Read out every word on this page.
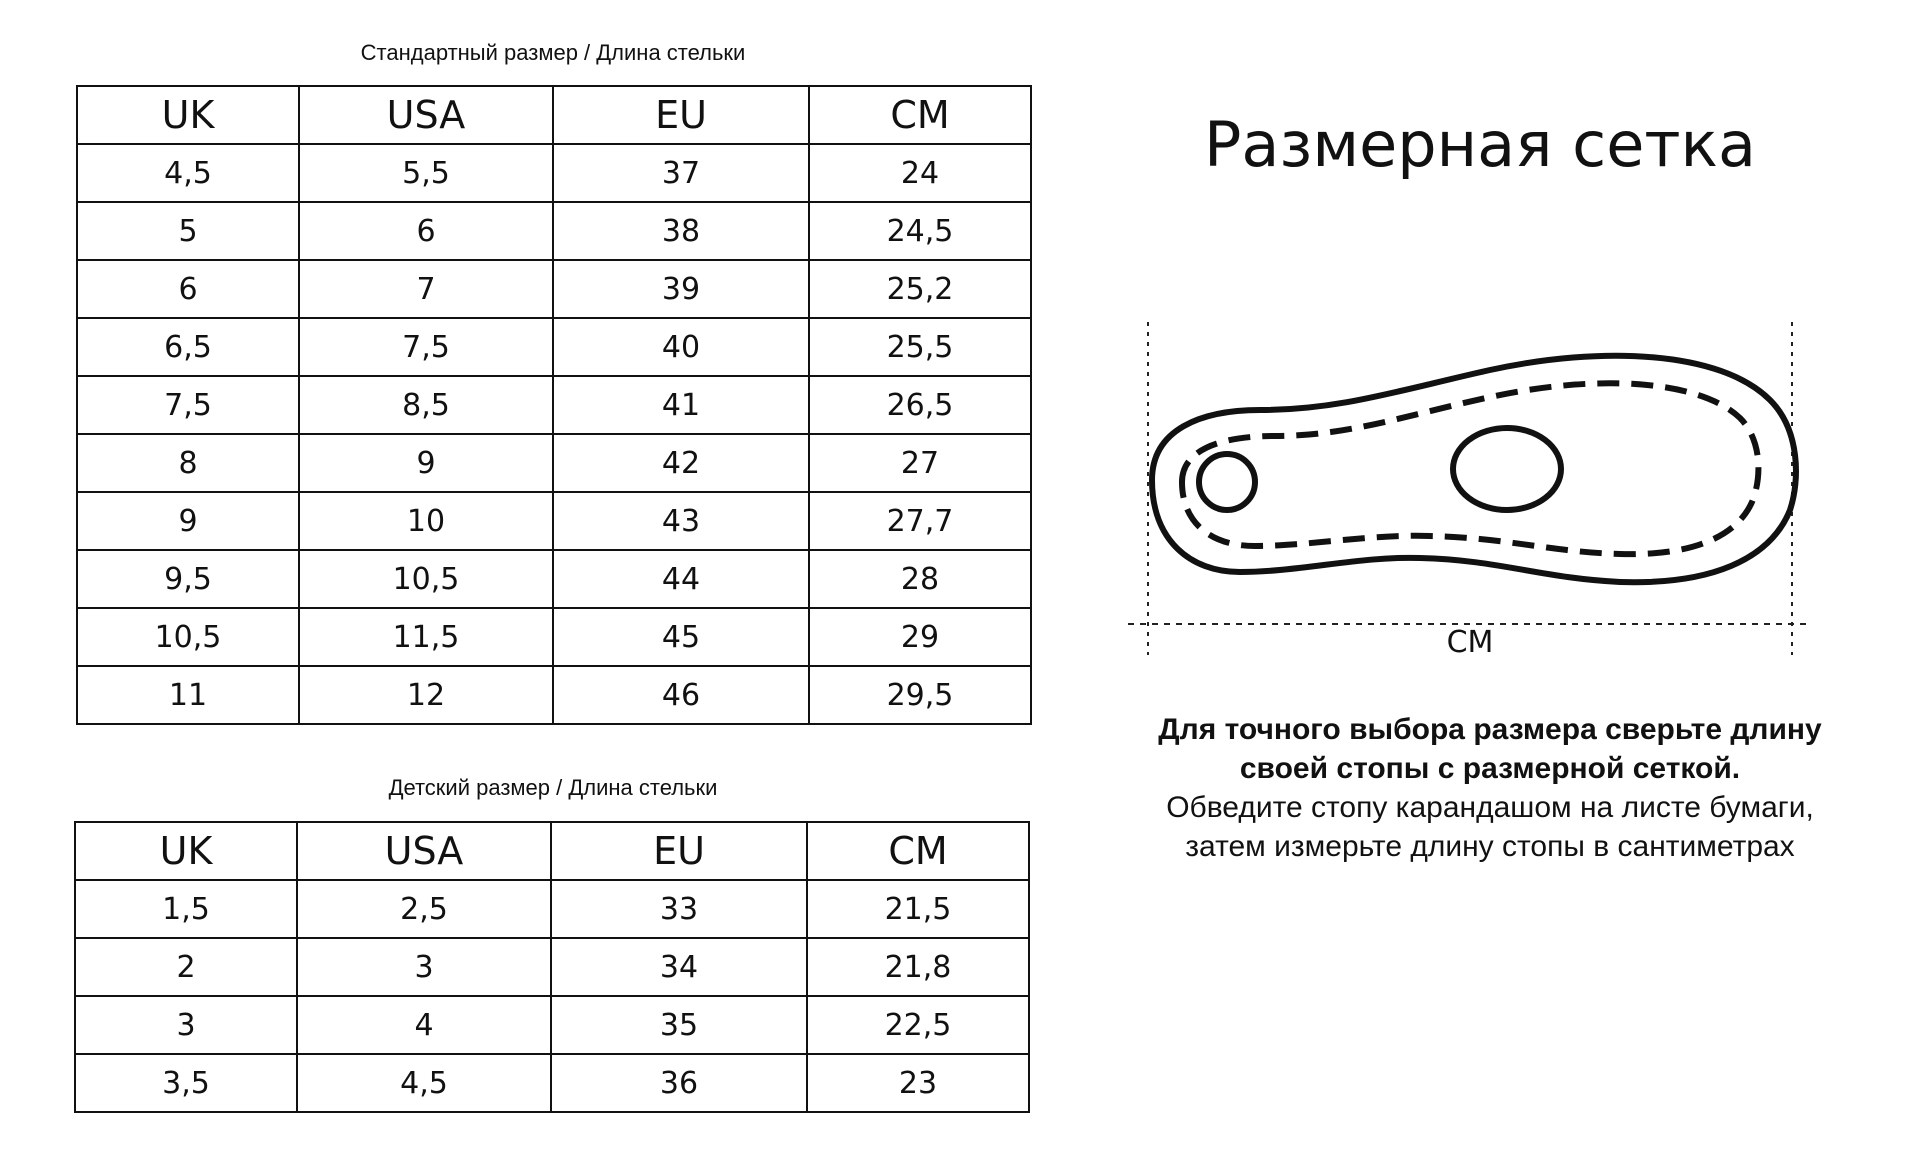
Стандартный размер / Длина стельки
UK	USA	EU	CM
4,5	5,5	37	24
5	6	38	24,5
6	7	39	25,2
6,5	7,5	40	25,5
7,5	8,5	41	26,5
8	9	42	27
9	10	43	27,7
9,5	10,5	44	28
10,5	11,5	45	29
11	12	46	29,5
Детский размер / Длина стельки
UK	USA	EU	CM
1,5	2,5	33	21,5
2	3	34	21,8
3	4	35	22,5
3,5	4,5	36	23
Размерная сетка
CM
Для точного выбора размера сверьте длину
своей стопы с размерной сеткой.
Обведите стопу карандашом на листе бумаги,
затем измерьте длину стопы в сантиметрах
